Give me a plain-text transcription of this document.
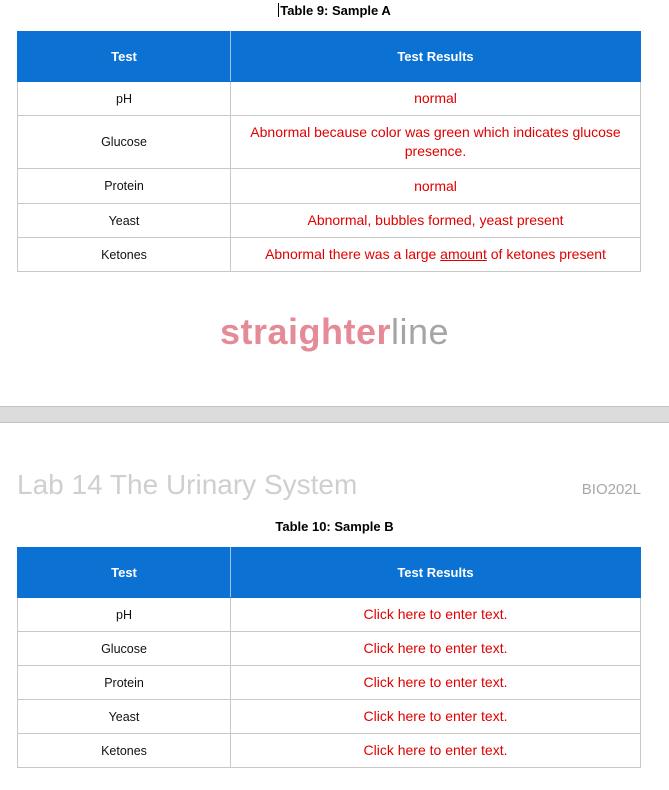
Table 9: Sample A
Test	Test Results
pH	normal
Glucose	Abnormal because color was green which indicates glucose presence.
Protein	normal
Yeast	Abnormal, bubbles formed, yeast present
Ketones	Abnormal there was a large amount of ketones present
straighterline
Lab 14 The Urinary System	BIO202L
Table 10: Sample B
Test	Test Results
pH	Click here to enter text.
Glucose	Click here to enter text.
Protein	Click here to enter text.
Yeast	Click here to enter text.
Ketones	Click here to enter text.
